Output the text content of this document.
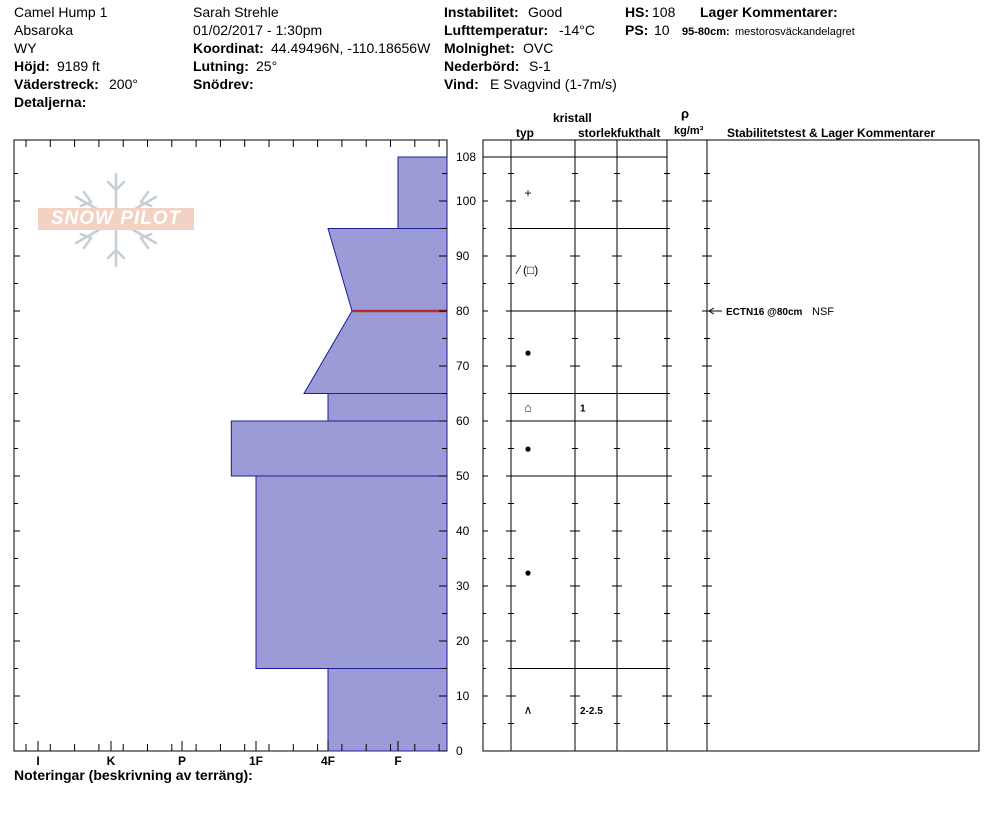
Camel Hump 1
Absaroka
WY
Höjd: 9189 ft
Väderstreck: 200°
Detaljerna:
Sarah Strehle
01/02/2017 - 1:30pm
Koordinat: 44.49496N, -110.18656W
Lutning: 25°
Snödrev:
Instabilitet: Good
Lufttemperatur: -14°C
Molnighet: OVC
Nederbörd: S-1
Vind: E Svagvind (1-7m/s)
HS: 108
PS: 10
Lager Kommentarer:
95-80cm: mestorosväckandelagret
SNOW PILOT
I	K	P	1F	4F	F
0
10
20
30
40
50
60
70
80
90
100
108
+
⁄ (□)
●
⌂	1
●
●
∧	2-2.5
ECTN16 @80cm NSF
kristall
typ	storlek fukthalt
ρ
kg/m³ Stabilitetstest & Lager Kommentarer
Noteringar (beskrivning av terräng):
